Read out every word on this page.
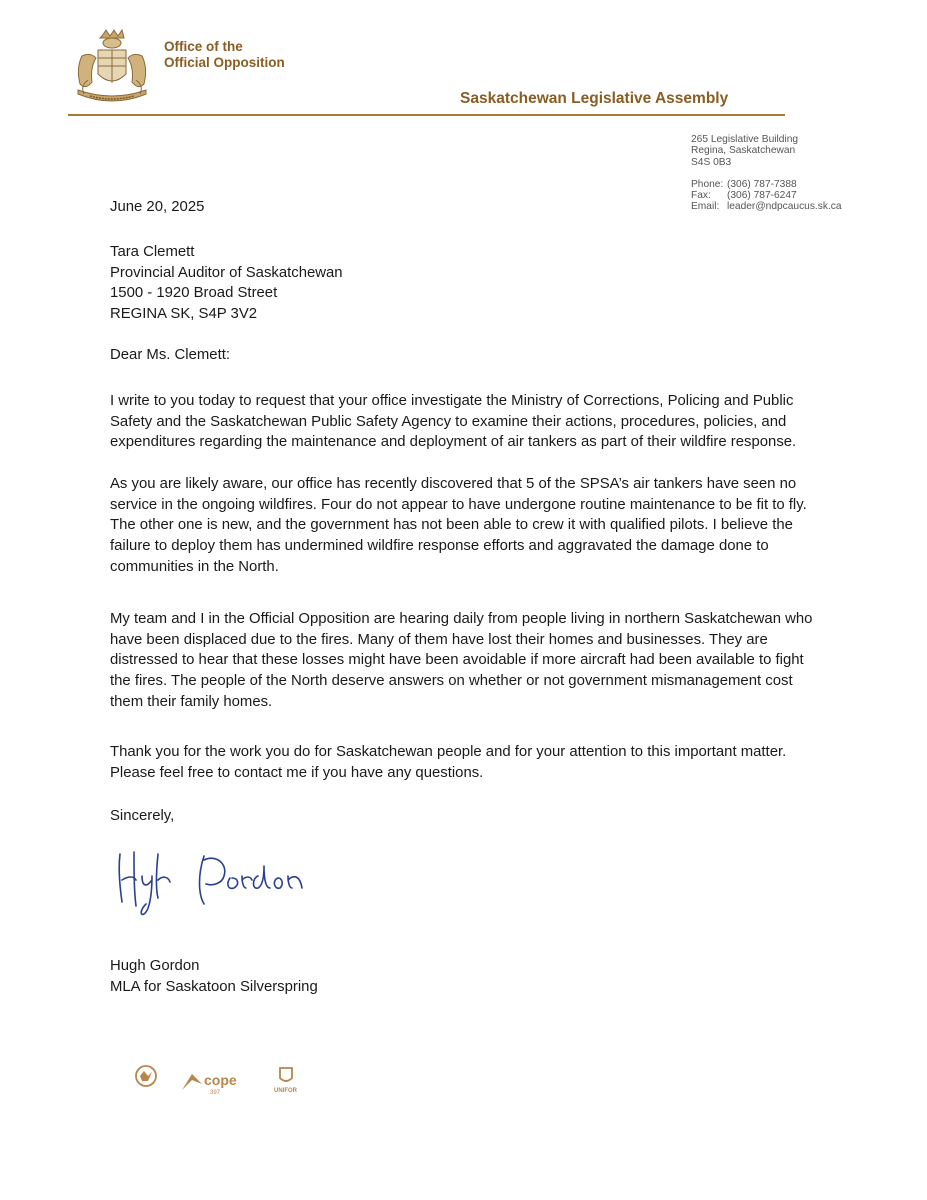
Office of the
Official Opposition
Saskatchewan Legislative Assembly
265 Legislative Building
Regina, Saskatchewan
S4S 0B3
Phone: (306) 787-7388
Fax: (306) 787-6247
Email: leader@ndpcaucus.sk.ca
June 20, 2025
Tara Clemett
Provincial Auditor of Saskatchewan
1500 - 1920 Broad Street
REGINA SK, S4P 3V2
Dear Ms. Clemett:
I write to you today to request that your office investigate the Ministry of Corrections, Policing and Public
Safety and the Saskatchewan Public Safety Agency to examine their actions, procedures, policies, and
expenditures regarding the maintenance and deployment of air tankers as part of their wildfire response.
As you are likely aware, our office has recently discovered that 5 of the SPSA’s air tankers have seen no
service in the ongoing wildfires. Four do not appear to have undergone routine maintenance to be fit to fly.
The other one is new, and the government has not been able to crew it with qualified pilots. I believe the
failure to deploy them has undermined wildfire response efforts and aggravated the damage done to
communities in the North.
My team and I in the Official Opposition are hearing daily from people living in northern Saskatchewan who
have been displaced due to the fires. Many of them have lost their homes and businesses. They are
distressed to hear that these losses might have been avoidable if more aircraft had been available to fight
the fires. The people of the North deserve answers on whether or not government mismanagement cost
them their family homes.
Thank you for the work you do for Saskatchewan people and for your attention to this important matter.
Please feel free to contact me if you have any questions.
Sincerely,
Hugh Gordon
MLA for Saskatoon Silverspring
cope
397	UNIFOR
